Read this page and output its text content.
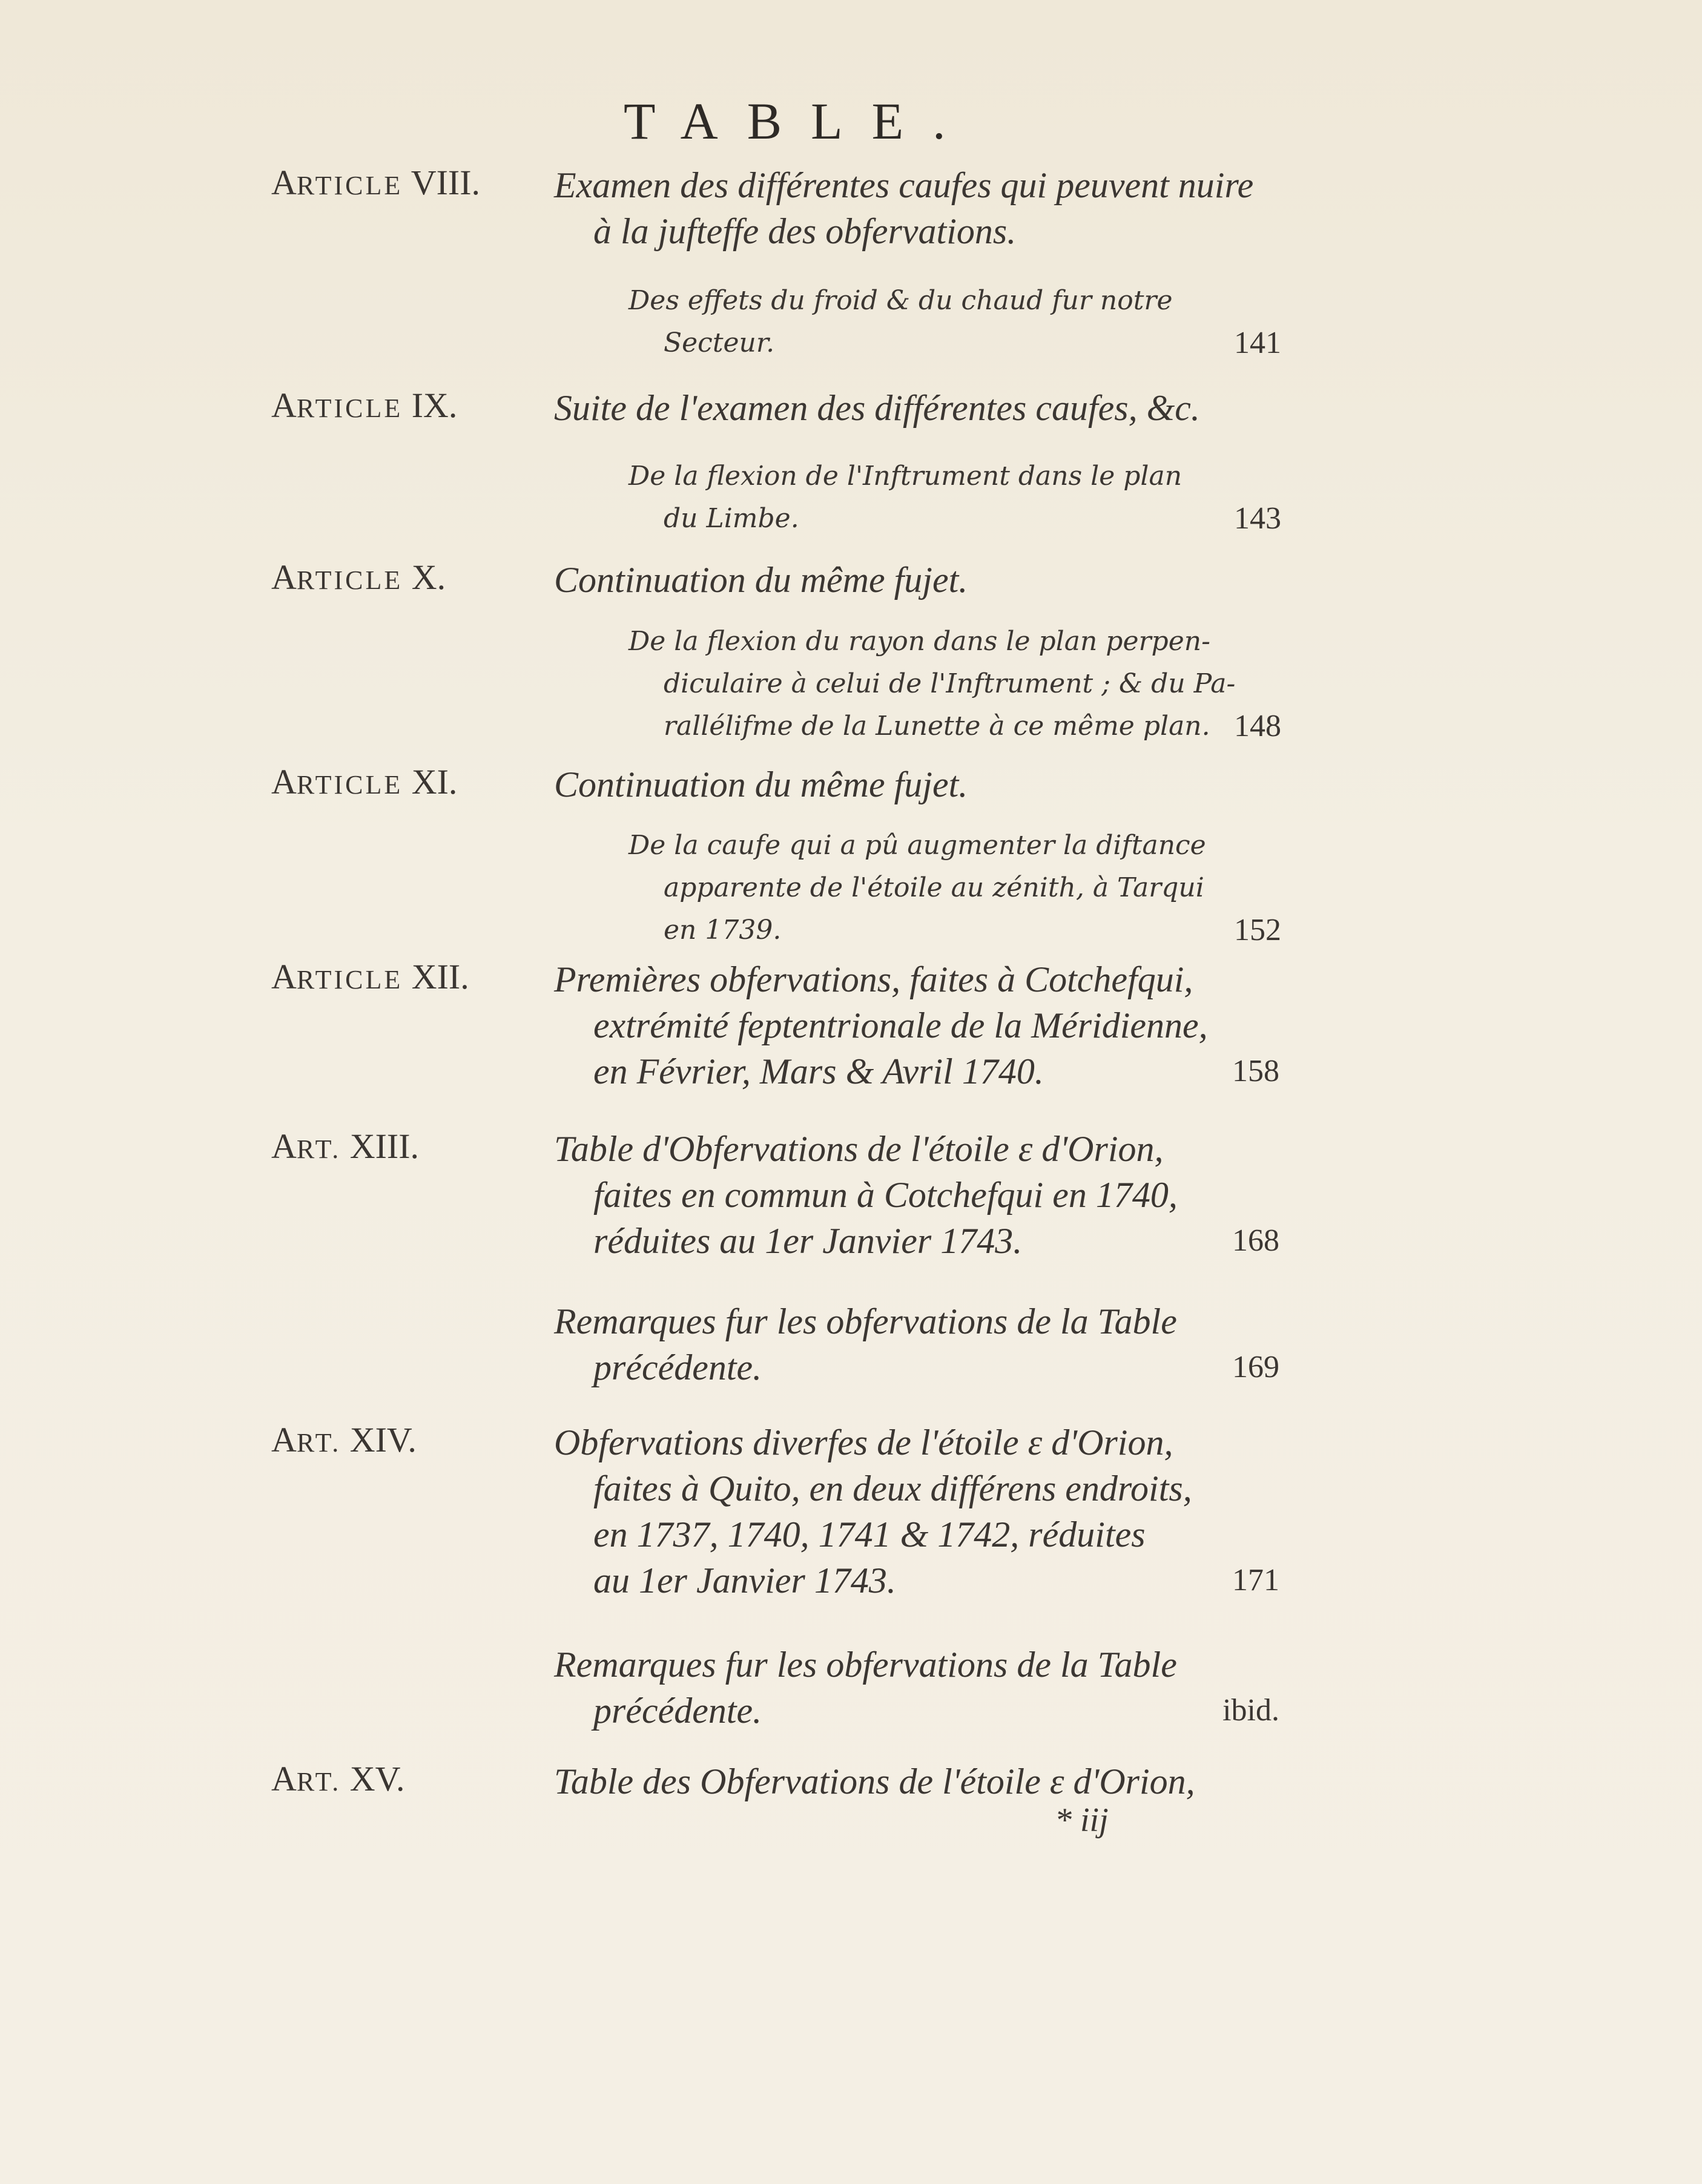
TABLE.
ARTICLE VIII.	Examen des différentes caufes qui peuvent nuire
à la jufteffe des obfervations.
Des effets du froid & du chaud fur notre
Secteur.	141
ARTICLE IX.	Suite de l'examen des différentes caufes, &c.
De la flexion de l'Inftrument dans le plan
du Limbe.	143
ARTICLE X.	Continuation du même fujet.
De la flexion du rayon dans le plan perpen-
diculaire à celui de l'Inftrument ; & du Pa-
rallélifme de la Lunette à ce même plan. 148
ARTICLE XI.	Continuation du même fujet.
De la caufe qui a pû augmenter la diftance
apparente de l'étoile au zénith, à Tarqui
en 1739.	152
ARTICLE XII.	Premières obfervations, faites à Cotchefqui,
extrémité feptentrionale de la Méridienne,
en Février, Mars & Avril 1740.	158
ART. XIII.	Table d'Obfervations de l'étoile ε d'Orion,
faites en commun à Cotchefqui en 1740,
réduites au 1er Janvier 1743.	168
Remarques fur les obfervations de la Table
précédente.	169
ART. XIV.	Obfervations diverfes de l'étoile ε d'Orion,
faites à Quito, en deux différens endroits,
en 1737, 1740, 1741 & 1742, réduites
au 1er Janvier 1743.	171
Remarques fur les obfervations de la Table
précédente.	ibid.
ART. XV.	Table des Obfervations de l'étoile ε d'Orion,
* iij
